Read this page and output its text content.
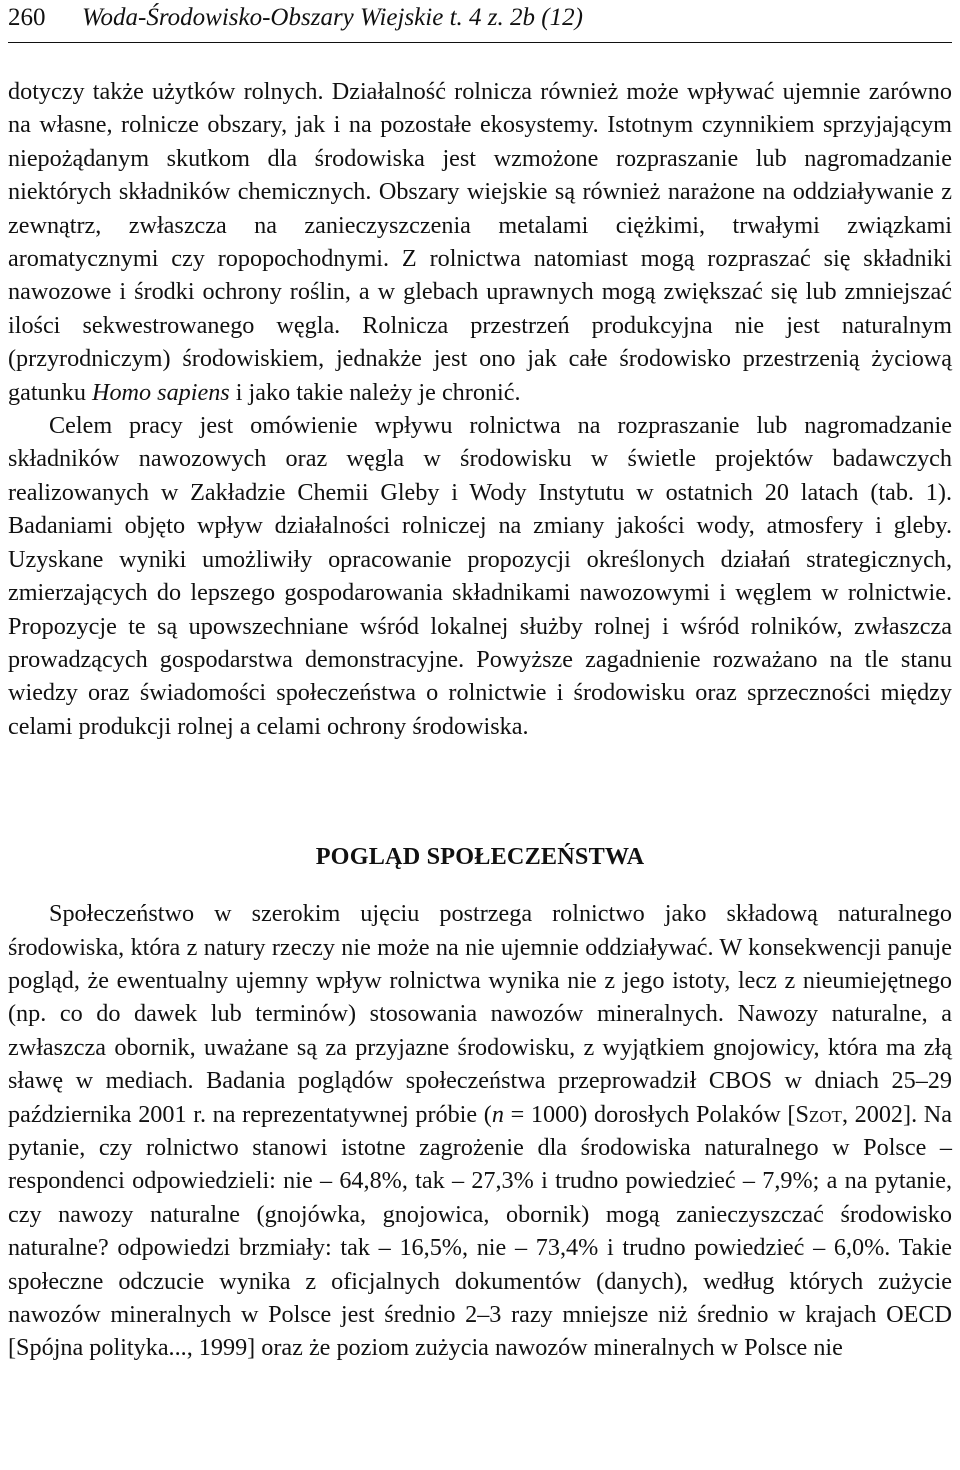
260	Woda-Środowisko-Obszary Wiejskie t. 4 z. 2b (12)

dotyczy także użytków rolnych. Działalność rolnicza również może wpływać ujemnie zarówno na własne, rolnicze obszary, jak i na pozostałe ekosystemy. Istotnym czynnikiem sprzyjającym niepożądanym skutkom dla środowiska jest wzmożone rozpraszanie lub nagromadzanie niektórych składników chemicznych. Obszary wiejskie są również narażone na oddziaływanie z zewnątrz, zwłaszcza na zanieczyszczenia metalami ciężkimi, trwałymi związkami aromatycznymi czy ropopochodnymi. Z rolnictwa natomiast mogą rozpraszać się składniki nawozowe i środki ochrony roślin, a w glebach uprawnych mogą zwiększać się lub zmniejszać ilości sekwestrowanego węgla. Rolnicza przestrzeń produkcyjna nie jest naturalnym (przyrodniczym) środowiskiem, jednakże jest ono jak całe środowisko przestrzenią życiową gatunku Homo sapiens i jako takie należy je chronić.

Celem pracy jest omówienie wpływu rolnictwa na rozpraszanie lub nagromadzanie składników nawozowych oraz węgla w środowisku w świetle projektów badawczych realizowanych w Zakładzie Chemii Gleby i Wody Instytutu w ostatnich 20 latach (tab. 1). Badaniami objęto wpływ działalności rolniczej na zmiany jakości wody, atmosfery i gleby. Uzyskane wyniki umożliwiły opracowanie propozycji określonych działań strategicznych, zmierzających do lepszego gospodarowania składnikami nawozowymi i węglem w rolnictwie. Propozycje te są upowszechniane wśród lokalnej służby rolnej i wśród rolników, zwłaszcza prowadzących gospodarstwa demonstracyjne. Powyższe zagadnienie rozważano na tle stanu wiedzy oraz świadomości społeczeństwa o rolnictwie i środowisku oraz sprzeczności między celami produkcji rolnej a celami ochrony środowiska.

POGLĄD SPOŁECZEŃSTWA

Społeczeństwo w szerokim ujęciu postrzega rolnictwo jako składową naturalnego środowiska, która z natury rzeczy nie może na nie ujemnie oddziaływać. W konsekwencji panuje pogląd, że ewentualny ujemny wpływ rolnictwa wynika nie z jego istoty, lecz z nieumiejętnego (np. co do dawek lub terminów) stosowania nawozów mineralnych. Nawozy naturalne, a zwłaszcza obornik, uważane są za przyjazne środowisku, z wyjątkiem gnojowicy, która ma złą sławę w mediach. Badania poglądów społeczeństwa przeprowadził CBOS w dniach 25–29 października 2001 r. na reprezentatywnej próbie (n = 1000) dorosłych Polaków [Szot, 2002]. Na pytanie, czy rolnictwo stanowi istotne zagrożenie dla środowiska naturalnego w Polsce – respondenci odpowiedzieli: nie – 64,8%, tak – 27,3% i trudno powiedzieć – 7,9%; a na pytanie, czy nawozy naturalne (gnojówka, gnojowica, obornik) mogą zanieczyszczać środowisko naturalne? odpowiedzi brzmiały: tak – 16,5%, nie – 73,4% i trudno powiedzieć – 6,0%. Takie społeczne odczucie wynika z oficjalnych dokumentów (danych), według których zużycie nawozów mineralnych w Polsce jest średnio 2–3 razy mniejsze niż średnio w krajach OECD [Spójna polityka..., 1999] oraz że poziom zużycia nawozów mineralnych w Polsce nie
